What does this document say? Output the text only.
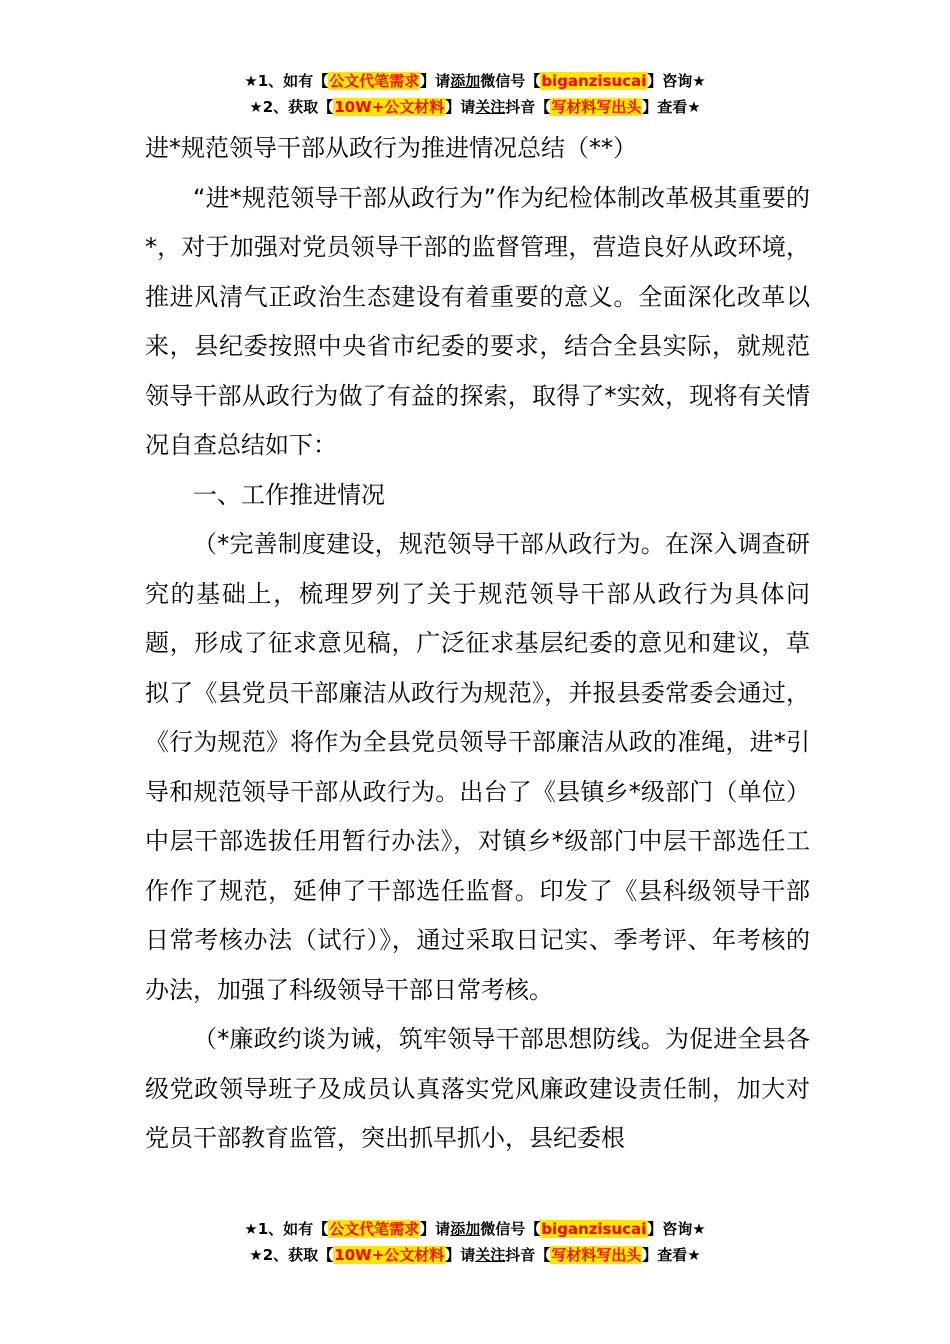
★1、如有【公文代笔需求】请添加微信号【biganzisucai】咨询★
★2、获取【10W+公文材料】请关注抖音【写材料写出头】查看★

进*规范领导干部从政行为推进情况总结（**）

“进*规范领导干部从政行为”作为纪检体制改革极其重要的*，对于加强对党员领导干部的监督管理，营造良好从政环境，推进风清气正政治生态建设有着重要的意义。全面深化改革以来，县纪委按照中央省市纪委的要求，结合全县实际，就规范领导干部从政行为做了有益的探索，取得了*实效，现将有关情况自查总结如下：

一、工作推进情况

（*完善制度建设，规范领导干部从政行为。在深入调查研究的基础上，梳理罗列了关于规范领导干部从政行为具体问题，形成了征求意见稿，广泛征求基层纪委的意见和建议，草拟了《县党员干部廉洁从政行为规范》，并报县委常委会通过，《行为规范》将作为全县党员领导干部廉洁从政的准绳，进*引导和规范领导干部从政行为。出台了《县镇乡*级部门（单位）中层干部选拔任用暂行办法》，对镇乡*级部门中层干部选任工作作了规范，延伸了干部选任监督。印发了《县科级领导干部日常考核办法（试行）》，通过采取日记实、季考评、年考核的办法，加强了科级领导干部日常考核。

（*廉政约谈为诫，筑牢领导干部思想防线。为促进全县各级党政领导班子及成员认真落实党风廉政建设责任制，加大对党员干部教育监管，突出抓早抓小，县纪委根

★1、如有【公文代笔需求】请添加微信号【biganzisucai】咨询★
★2、获取【10W+公文材料】请关注抖音【写材料写出头】查看★
